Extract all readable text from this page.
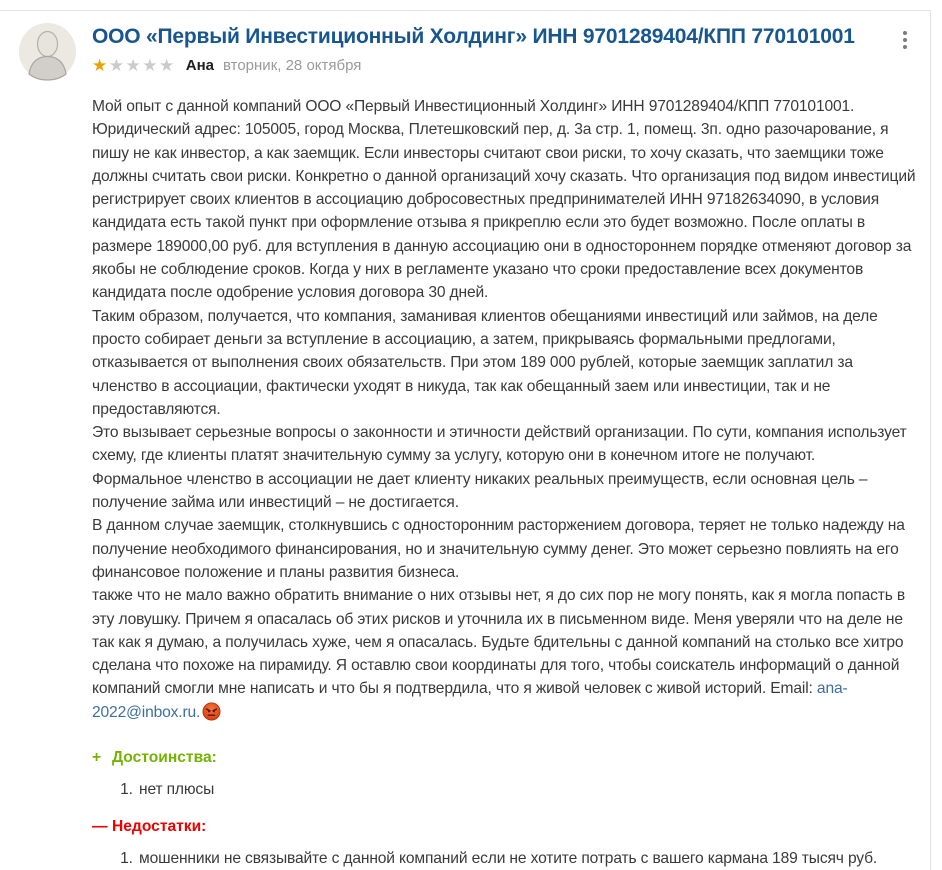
ООО «Первый Инвестиционный Холдинг» ИНН 9701289404/КПП 770101001
★★★★★ Ана вторник, 28 октября

Мой опыт с данной компаний ООО «Первый Инвестиционный Холдинг» ИНН 9701289404/КПП 770101001. Юридический адрес: 105005, город Москва, Плетешковский пер, д. 3а стр. 1, помещ. 3п. одно разочарование, я пишу не как инвестор, а как заемщик. Если инвесторы считают свои риски, то хочу сказать, что заемщики тоже должны считать свои риски. Конкретно о данной организаций хочу сказать. Что организация под видом инвестиций регистрирует своих клиентов в ассоциацию добросовестных предпринимателей ИНН 97182634090, в условия кандидата есть такой пункт при оформление отзыва я прикреплю если это будет возможно. После оплаты в размере 189000,00 руб. для вступления в данную ассоциацию они в одностороннем порядке отменяют договор за якобы не соблюдение сроков. Когда у них в регламенте указано что сроки предоставление всех документов кандидата после одобрение условия договора 30 дней.

Таким образом, получается, что компания, заманивая клиентов обещаниями инвестиций или займов, на деле просто собирает деньги за вступление в ассоциацию, а затем, прикрываясь формальными предлогами, отказывается от выполнения своих обязательств. При этом 189 000 рублей, которые заемщик заплатил за членство в ассоциации, фактически уходят в никуда, так как обещанный заем или инвестиции, так и не предоставляются.

Это вызывает серьезные вопросы о законности и этичности действий организации. По сути, компания использует схему, где клиенты платят значительную сумму за услугу, которую они в конечном итоге не получают.

Формальное членство в ассоциации не дает клиенту никаких реальных преимуществ, если основная цель – получение займа или инвестиций – не достигается.

В данном случае заемщик, столкнувшись с односторонним расторжением договора, теряет не только надежду на получение необходимого финансирования, но и значительную сумму денег. Это может серьезно повлиять на его финансовое положение и планы развития бизнеса.

также что не мало важно обратить внимание о них отзывы нет, я до сих пор не могу понять, как я могла попасть в эту ловушку. Причем я опасалась об этих рисков и уточнила их в письменном виде. Меня уверяли что на деле не так как я думаю, а получилась хуже, чем я опасалась. Будьте бдительны с данной компаний на столько все хитро сделана что похоже на пирамиду. Я оставлю свои координаты для того, чтобы соискатель информаций о данной компаний смогли мне написать и что бы я подтвердила, что я живой человек с живой историй. Email: ana-2022@inbox.ru.

+ Достоинства:
1. нет плюсы
— Недостатки:
1. мошенники не связывайте с данной компаний если не хотите потрать с вашего кармана 189 тысяч руб.
